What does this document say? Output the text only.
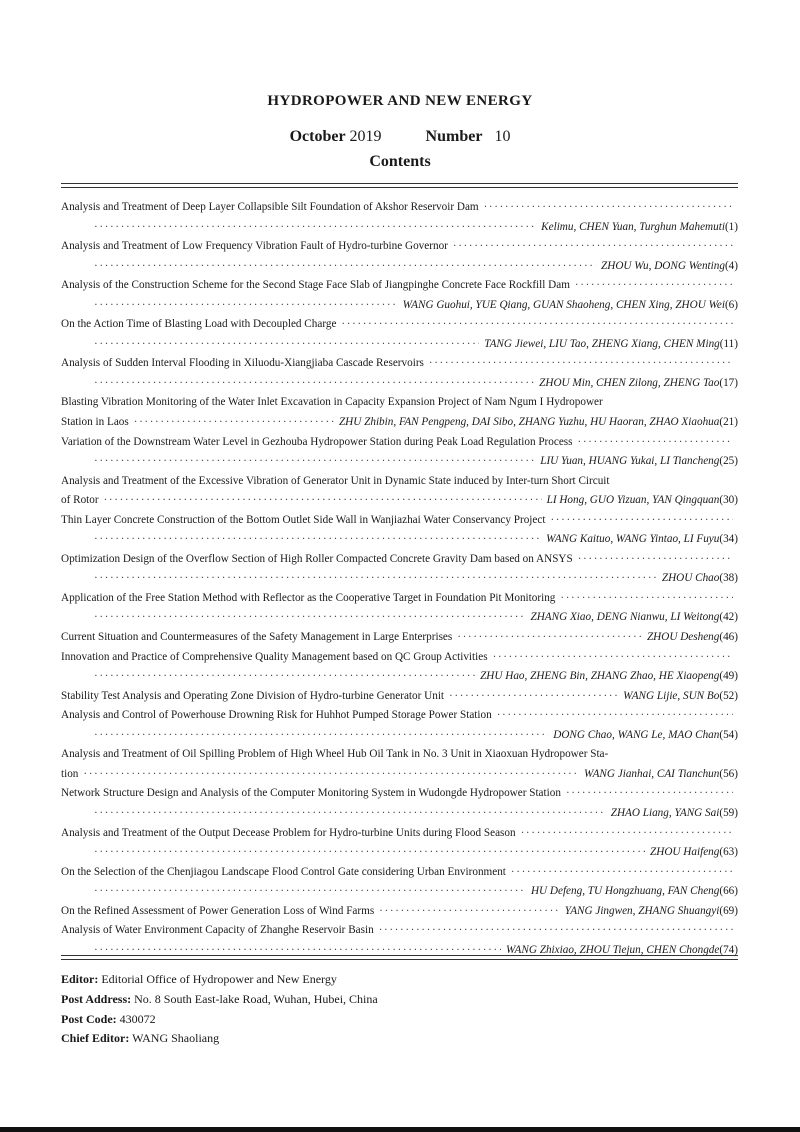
HYDROPOWER AND NEW ENERGY
October 2019	Number 10
Contents
Analysis and Treatment of Deep Layer Collapsible Silt Foundation of Akshor Reservoir Dam
·····
·····
Kelimu, CHEN Yuan, Turghun Mahemuti (1)
Analysis and Treatment of Low Frequency Vibration Fault of Hydro-turbine Governor
·····
·····
ZHOU Wu, DONG Wenting (4)
Analysis of the Construction Scheme for the Second Stage Face Slab of Jiangpinghe Concrete Face Rockfill Dam
·····
·····
WANG Guohui, YUE Qiang, GUAN Shaoheng, CHEN Xing, ZHOU Wei (6)
On the Action Time of Blasting Load with Decoupled Charge
·····
·····
TANG Jiewei, LIU Tao, ZHENG Xiang, CHEN Ming (11)
Analysis of Sudden Interval Flooding in Xiluodu-Xiangjiaba Cascade Reservoirs
·····
·····
ZHOU Min, CHEN Zilong, ZHENG Tao (17)
Blasting Vibration Monitoring of the Water Inlet Excavation in Capacity Expansion Project of Nam Ngum I Hydropower
Station in Laos ·····	ZHU Zhibin, FAN Pengpeng, DAI Sibo, ZHANG Yuzhu, HU Haoran, ZHAO Xiaohua (21)
Variation of the Downstream Water Level in Gezhouba Hydropower Station during Peak Load Regulation Process
·····
·····
LIU Yuan, HUANG Yukai, LI Tiancheng (25)
Analysis and Treatment of the Excessive Vibration of Generator Unit in Dynamic State induced by Inter-turn Short Circuit
of Rotor ·····	LI Hong, GUO Yizuan, YAN Qingquan (30)
Thin Layer Concrete Construction of the Bottom Outlet Side Wall in Wanjiazhai Water Conservancy Project
·····
·····
WANG Kaituo, WANG Yintao, LI Fuyu (34)
Optimization Design of the Overflow Section of High Roller Compacted Concrete Gravity Dam based on ANSYS
·····
·····
ZHOU Chao (38)
Application of the Free Station Method with Reflector as the Cooperative Target in Foundation Pit Monitoring
·····
·····
ZHANG Xiao, DENG Nianwu, LI Weitong (42)
Current Situation and Countermeasures of the Safety Management in Large Enterprises ·····	ZHOU Desheng (46)
Innovation and Practice of Comprehensive Quality Management based on QC Group Activities
·····
·····
ZHU Hao, ZHENG Bin, ZHANG Zhao, HE Xiaopeng (49)
Stability Test Analysis and Operating Zone Division of Hydro-turbine Generator Unit ·····	WANG Lijie, SUN Bo (52)
Analysis and Control of Powerhouse Drowning Risk for Huhhot Pumped Storage Power Station
·····
·····
DONG Chao, WANG Le, MAO Chan (54)
Analysis and Treatment of Oil Spilling Problem of High Wheel Hub Oil Tank in No. 3 Unit in Xiaoxuan Hydropower Sta-
tion ·····	WANG Jianhai, CAI Tianchun (56)
Network Structure Design and Analysis of the Computer Monitoring System in Wudongde Hydropower Station
·····
·····
ZHAO Liang, YANG Sai (59)
Analysis and Treatment of the Output Decease Problem for Hydro-turbine Units during Flood Season
·····
·····
ZHOU Haifeng (63)
On the Selection of the Chenjiagou Landscape Flood Control Gate considering Urban Environment
·····
·····
HU Defeng, TU Hongzhuang, FAN Cheng (66)
On the Refined Assessment of Power Generation Loss of Wind Farms ·····	YANG Jingwen, ZHANG Shuangyi (69)
Analysis of Water Environment Capacity of Zhanghe Reservoir Basin
·····
·····
WANG Zhixiao, ZHOU Tiejun, CHEN Chongde (74)
Editor: Editorial Office of Hydropower and New Energy
Post Address: No. 8 South East-lake Road, Wuhan, Hubei, China
Post Code: 430072
Chief Editor: WANG Shaoliang
